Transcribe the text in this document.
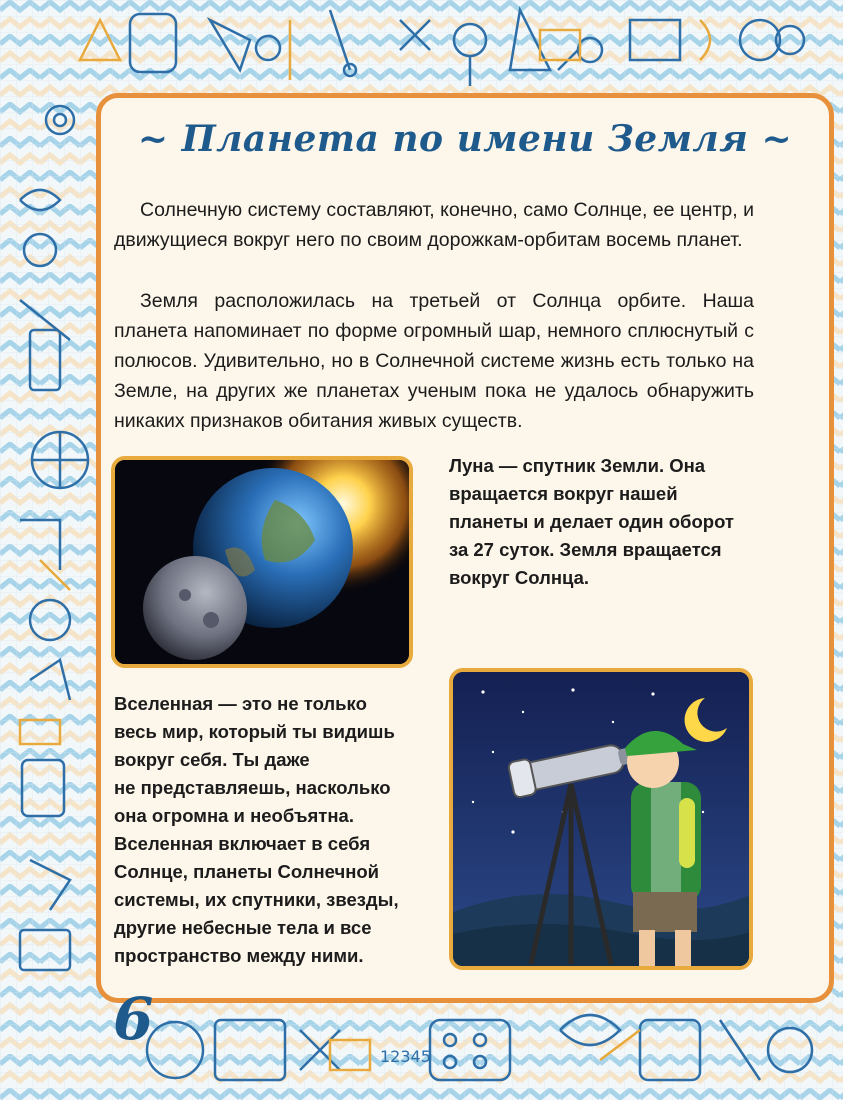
12345
~ Планета по имени Земля ~

Солнечную систему составляют, конечно, само Солнце, ее центр, и движущиеся вокруг него по своим дорожкам-орбитам восемь планет.

Земля расположилась на третьей от Солнца орбите. Наша планета напоминает по форме огромный шар, немного сплюснутый с полюсов. Удивительно, но в Солнечной системе жизнь есть только на Земле, на других же планетах ученым пока не удалось обнаружить никаких признаков обитания живых существ.

Луна — спутник Земли. Она
вращается вокруг нашей
планеты и делает один оборот
за 27 суток. Земля вращается
вокруг Солнца.

Вселенная — это не только
весь мир, который ты видишь
вокруг себя. Ты даже
не представляешь, насколько
она огромна и необъятна.
Вселенная включает в себя
Солнце, планеты Солнечной
системы, их спутники, звезды,
другие небесные тела и все
пространство между ними.

6
